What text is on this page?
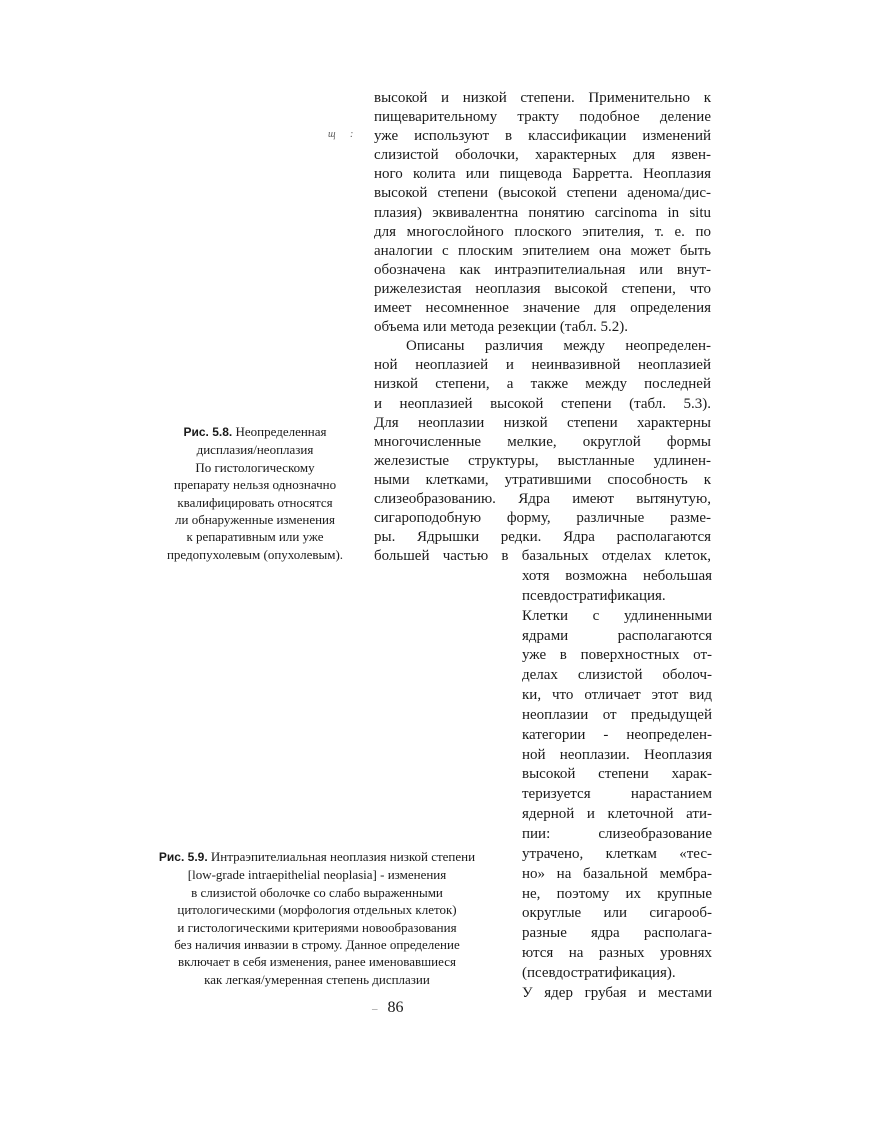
щ :
высокой и низкой степени. Применительно к
пищеварительному тракту подобное деление
уже используют в классификации изменений
слизистой оболочки, характерных для язвен-
ного колита или пищевода Барретта. Неоплазия
высокой степени (высокой степени аденома/дис-
плазия) эквивалентна понятию carcinoma in situ
для многослойного плоского эпителия, т. е. по
аналогии с плоским эпителием она может быть
обозначена как интраэпителиальная или внут-
рижелезистая неоплазия высокой степени, что
имеет несомненное значение для определения
объема или метода резекции (табл. 5.2).
Описаны различия между неопределен-
ной неоплазией и неинвазивной неоплазией
низкой степени, а также между последней
и неоплазией высокой степени (табл. 5.3).
Для неоплазии низкой степени характерны
многочисленные мелкие, округлой формы
железистые структуры, выстланные удлинен-
ными клетками, утратившими способность к
слизеобразованию. Ядра имеют вытянутую,
сигароподобную форму, различные разме-
ры. Ядрышки редки. Ядра располагаются
большей частью в базальных отделах клеток,
хотя возможна небольшая
псевдостратификация.
Клетки с удлиненными
ядрами располагаются
уже в поверхностных от-
делах слизистой оболоч-
ки, что отличает этот вид
неоплазии от предыдущей
категории - неопределен-
ной неоплазии. Неоплазия
высокой степени харак-
теризуется нарастанием
ядерной и клеточной ати-
пии: слизеобразование
утрачено, клеткам «тес-
но» на базальной мембра-
не, поэтому их крупные
округлые или сигарооб-
разные ядра располага-
ются на разных уровнях
(псевдостратификация).
У ядер грубая и местами
Рис. 5.8. Неопределенная
дисплазия/неоплазия
По гистологическому
препарату нельзя однозначно
квалифицировать относятся
ли обнаруженные изменения
к репаративным или уже
предопухолевым (опухолевым).
Рис. 5.9. Интраэпителиальная неоплазия низкой степени
[low-grade intraepithelial neoplasia] - изменения
в слизистой оболочке со слабо выраженными
цитологическими (морфология отдельных клеток)
и гистологическими критериями новообразования
без наличия инвазии в строму. Данное определение
включает в себя изменения, ранее именовавшиеся
как легкая/умеренная степень дисплазии
– 86
